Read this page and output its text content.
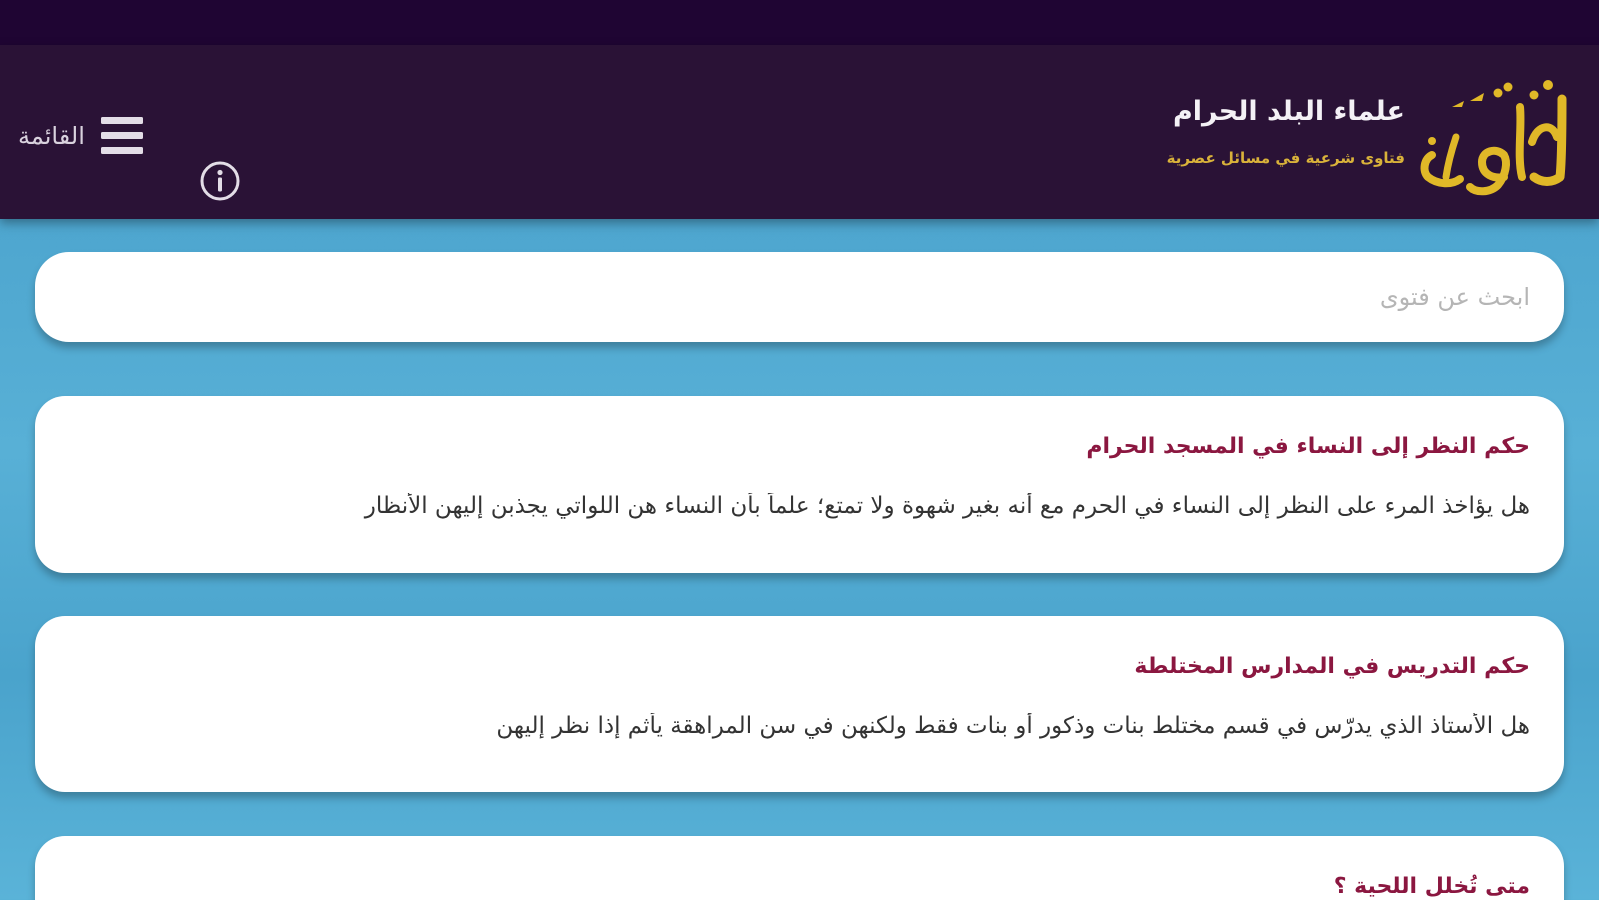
علماء البلد الحرام
فتاوى شرعية في مسائل عصرية
القائمة
ابحث عن فتوى
حكم النظر إلى النساء في المسجد الحرام
هل يؤاخذ المرء على النظر إلى النساء في الحرم مع أنه بغير شهوة ولا تمتع؛ علماً بأن النساء هن اللواتي يجذبن إليهن الأنظار
حكم التدريس في المدارس المختلطة
هل الأستاذ الذي يدرّس في قسم مختلط بنات وذكور أو بنات فقط ولكنهن في سن المراهقة يأثم إذا نظر إليهن
متى تُخلل اللحية ؟
